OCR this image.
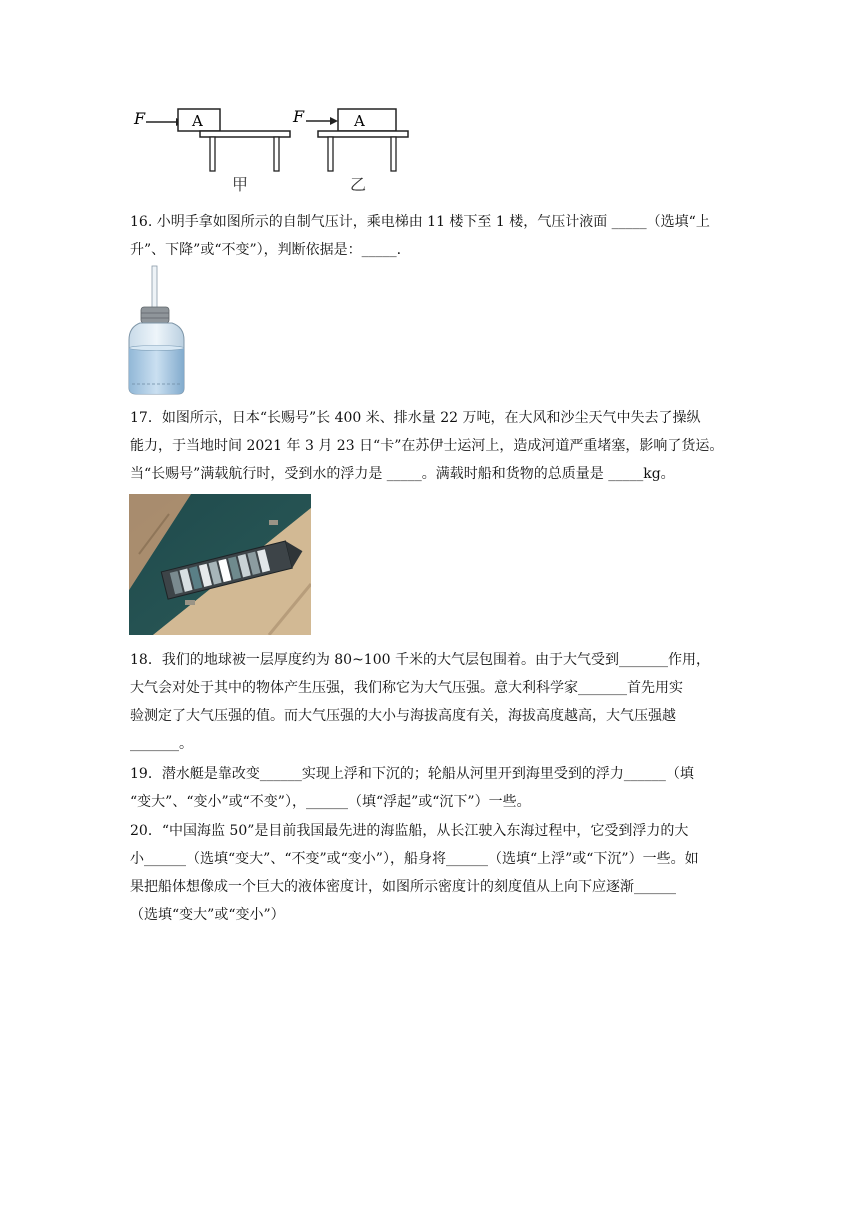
F	A
甲
F	A
乙

16. 小明手拿如图所示的自制气压计，乘电梯由 11 楼下至 1 楼，气压计液面 _____（选填“上

升”、下降”或“不变”），判断依据是：_____.

17．如图所示，日本“长赐号”长 400 米、排水量 22 万吨，在大风和沙尘天气中失去了操纵

能力，于当地时间 2021 年 3 月 23 日“卡”在苏伊士运河上，造成河道严重堵塞，影响了货运。

当“长赐号”满载航行时，受到水的浮力是 _____。满载时船和货物的总质量是 _____kg。

18．我们的地球被一层厚度约为 80~100 千米的大气层包围着。由于大气受到_______作用，

大气会对处于其中的物体产生压强，我们称它为大气压强。意大利科学家_______首先用实

验测定了大气压强的值。而大气压强的大小与海拔高度有关，海拔高度越高，大气压强越

_______。

19．潜水艇是靠改变______实现上浮和下沉的；轮船从河里开到海里受到的浮力______（填

“变大”、“变小”或“不变”），______（填“浮起”或“沉下”）一些。

20．“中国海监 50”是目前我国最先进的海监船，从长江驶入东海过程中，它受到浮力的大

小______（选填“变大”、“不变”或“变小”），船身将______（选填“上浮”或“下沉”）一些。如

果把船体想像成一个巨大的液体密度计，如图所示密度计的刻度值从上向下应逐渐______

（选填“变大”或“变小”）
